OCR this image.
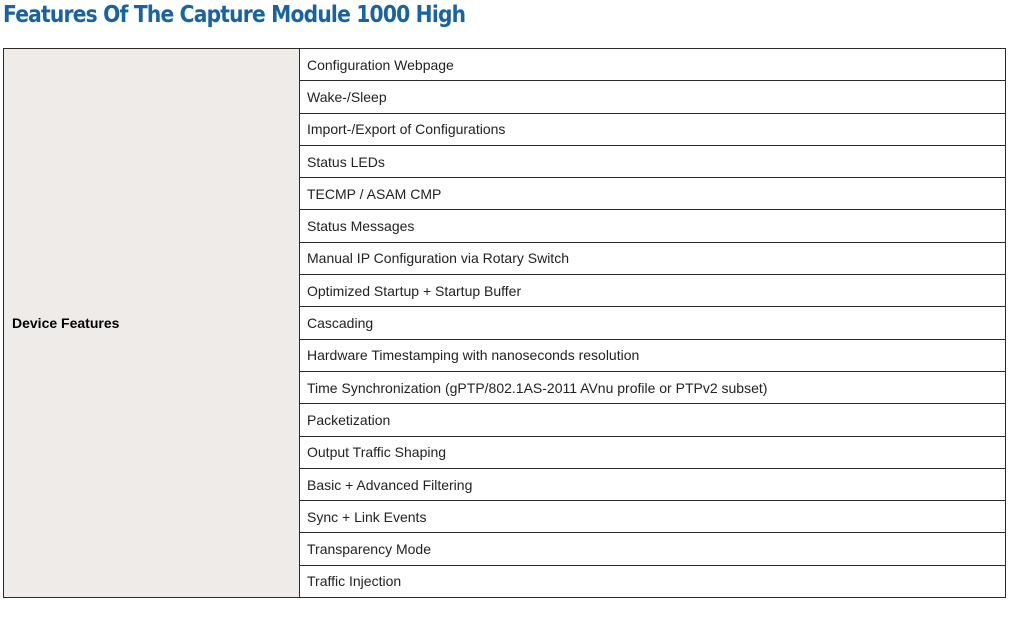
Features Of The Capture Module 1000 High
Device Features	Configuration Webpage
Wake-/Sleep
Import-/Export of Configurations
Status LEDs
TECMP / ASAM CMP
Status Messages
Manual IP Configuration via Rotary Switch
Optimized Startup + Startup Buffer
Cascading
Hardware Timestamping with nanoseconds resolution
Time Synchronization (gPTP/802.1AS-2011 AVnu profile or PTPv2 subset)
Packetization
Output Traffic Shaping
Basic + Advanced Filtering
Sync + Link Events
Transparency Mode
Traffic Injection
